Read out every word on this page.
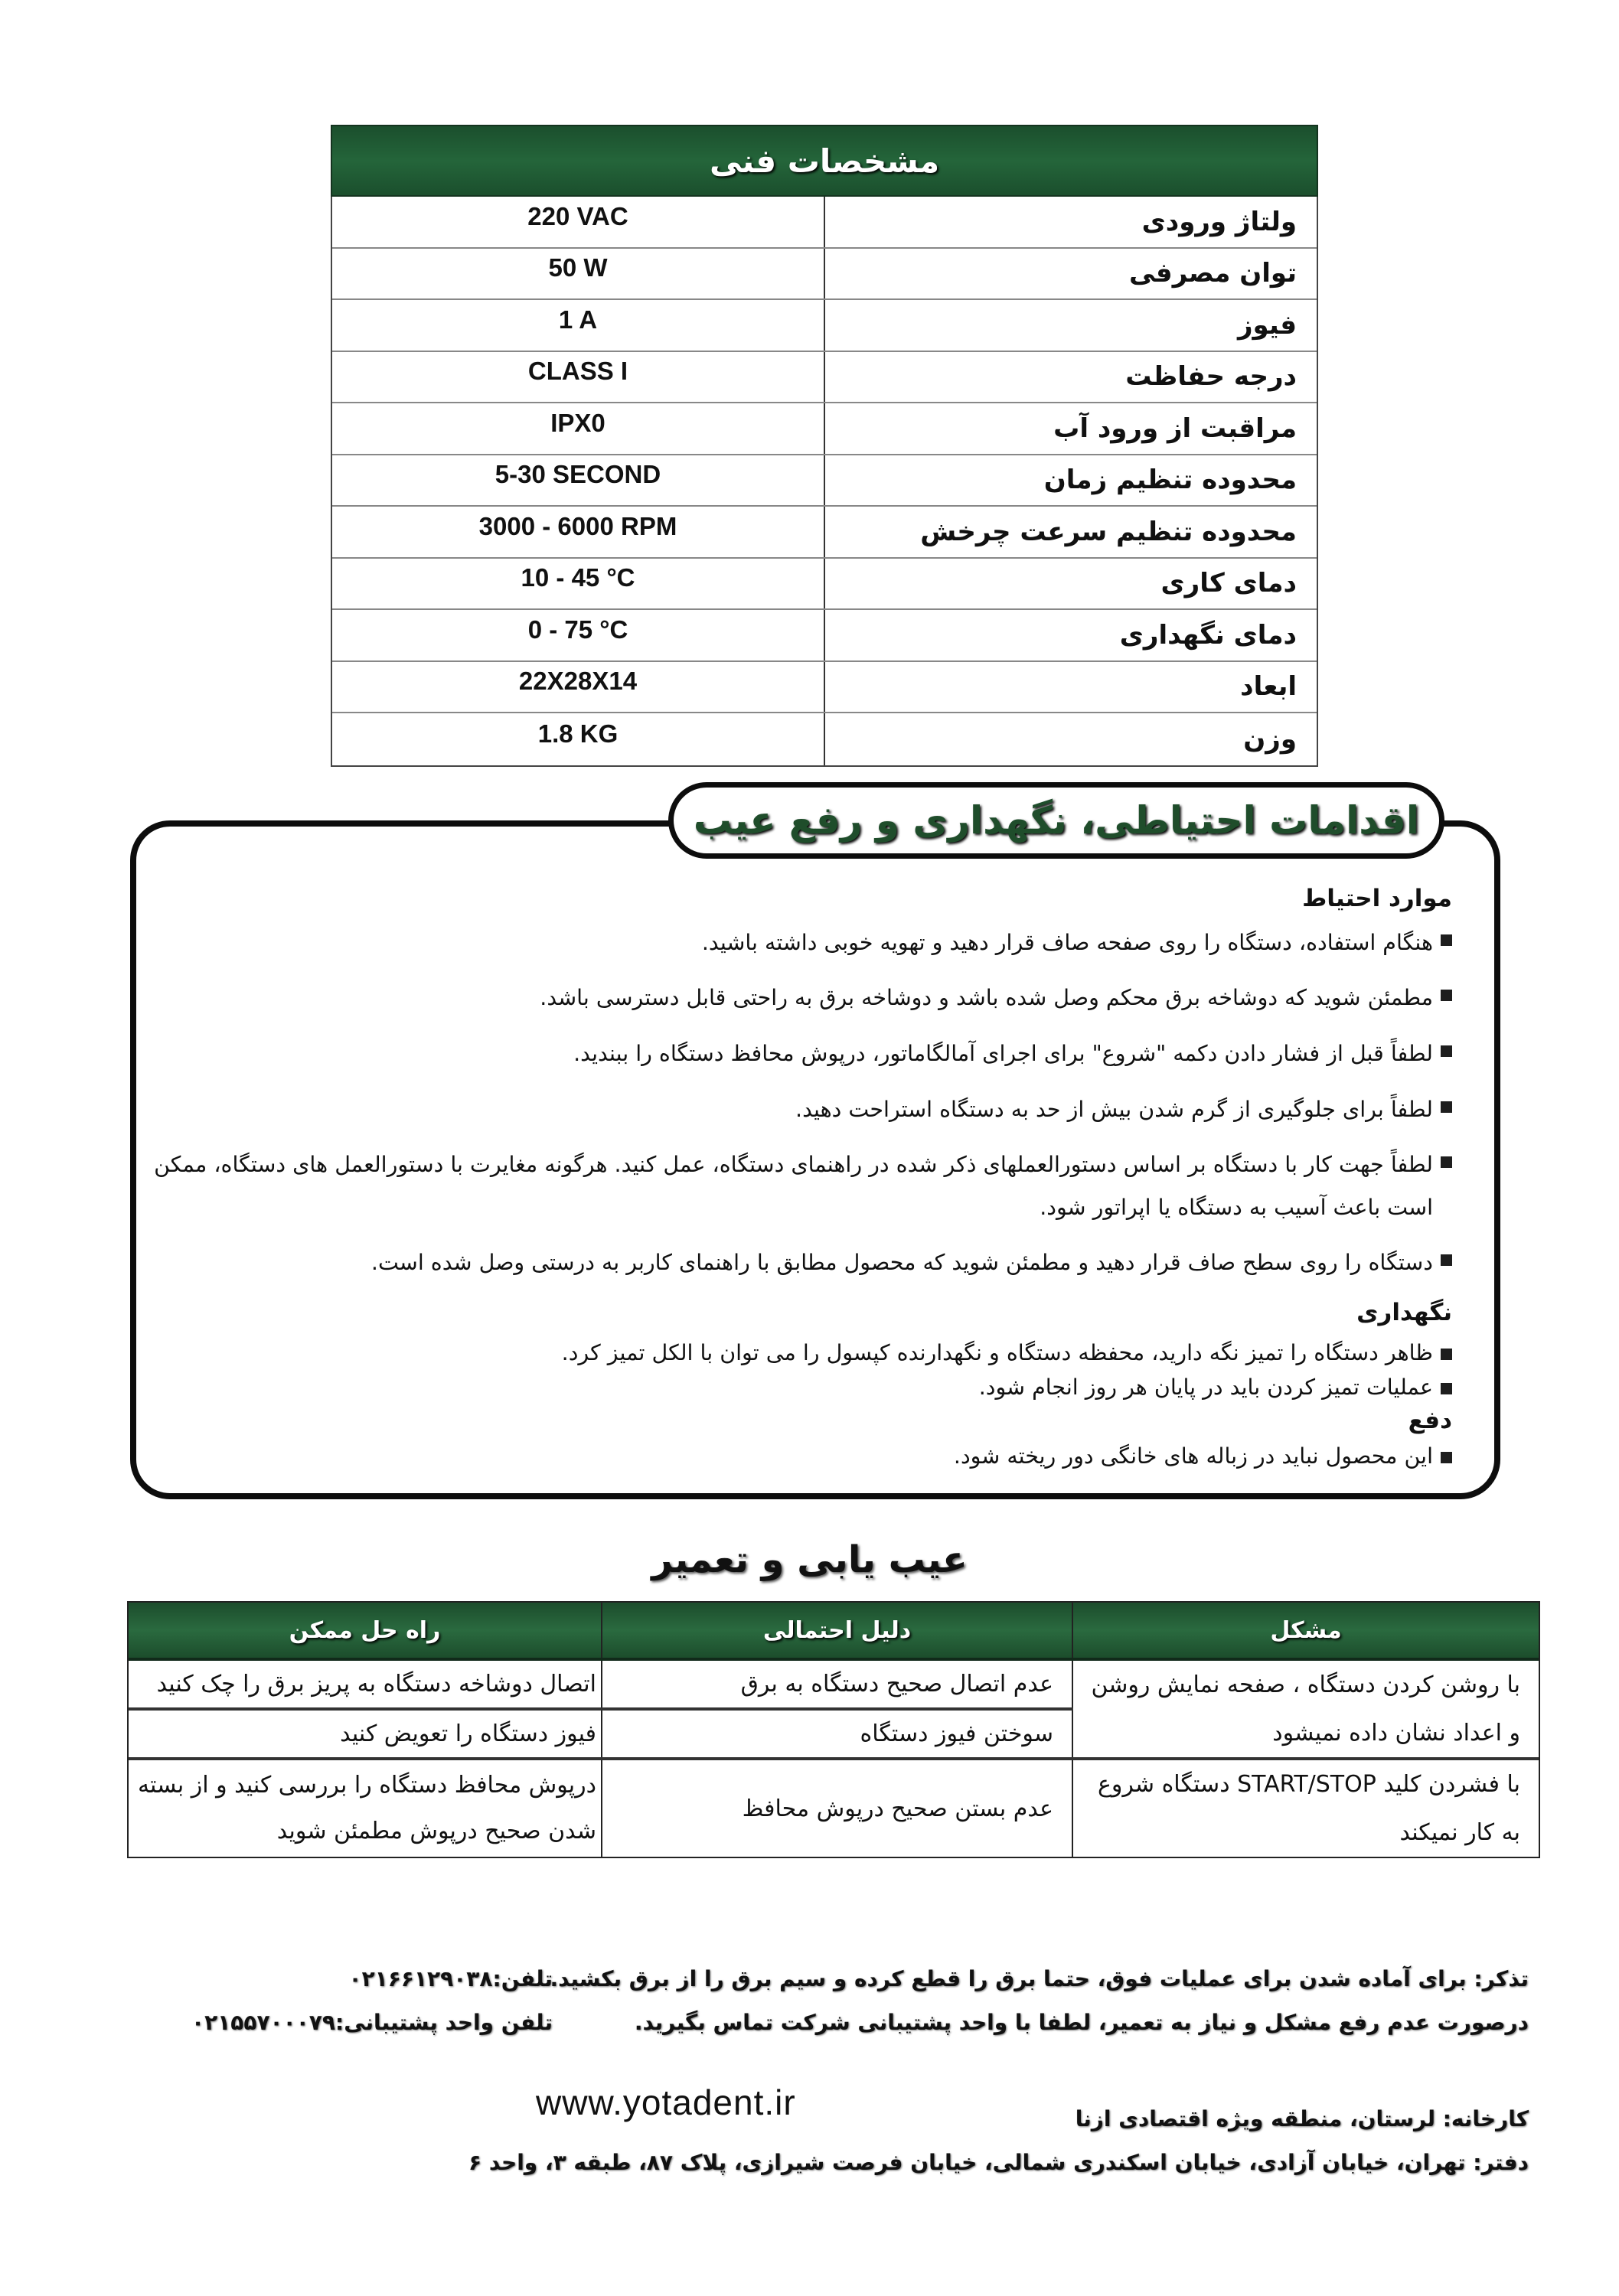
مشخصات فنی
ولتاژ ورودی
220 VAC
توان مصرفی
50 W
فیوز
1 A
درجه حفاظت
CLASS I
مراقبت از ورود آب
IPX0
محدوده تنظیم زمان
5-30 SECOND
محدوده تنظیم سرعت چرخش
3000 - 6000 RPM
دمای کاری
10 - 45 °C
دمای نگهداری
0 - 75 °C
ابعاد
22X28X14
وزن
1.8 KG
اقدامات احتیاطی، نگهداری و رفع عیب
موارد احتیاط
هنگام استفاده، دستگاه را روی صفحه صاف قرار دهید و تهویه خوبی داشته باشید.
مطمئن شوید که دوشاخه برق محکم وصل شده باشد و دوشاخه برق به راحتی قابل دسترسی باشد.
لطفاً قبل از فشار دادن دکمه "شروع" برای اجرای آمالگاماتور، درپوش محافظ دستگاه را ببندید.
لطفاً برای جلوگیری از گرم شدن بیش از حد به دستگاه استراحت دهید.
لطفاً جهت کار با دستگاه بر اساس دستورالعملهای ذکر شده در راهنمای دستگاه، عمل کنید. هرگونه مغایرت با دستورالعمل های دستگاه، ممکن است باعث آسیب به دستگاه یا اپراتور شود.
دستگاه را روی سطح صاف قرار دهید و مطمئن شوید که محصول مطابق با راهنمای کاربر به درستی وصل شده است.
نگهداری
ظاهر دستگاه را تمیز نگه دارید، محفظه دستگاه و نگهدارنده کپسول را می توان با الکل تمیز کرد.
عملیات تمیز کردن باید در پایان هر روز انجام شود.
دفع
این محصول نباید در زباله های خانگی دور ریخته شود.
عیب یابی و تعمیر
مشکل
دلیل احتمالی
راه حل ممکن
با روشن کردن دستگاه ، صفحه نمایش روشن و اعداد نشان داده نمیشود
عدم اتصال صحیح دستگاه به برق
اتصال دوشاخه دستگاه به پریز برق را چک کنید
سوختن فیوز دستگاه
فیوز دستگاه را تعویض کنید
با فشردن کلید START/STOP دستگاه شروع به کار نمیکند
عدم بستن صحیح درپوش محافظ
درپوش محافظ دستگاه را بررسی کنید و از بسته شدن صحیح درپوش مطمئن شوید
تذکر: برای آماده شدن برای عملیات فوق، حتما برق را قطع کرده و سیم برق را از برق بکشید.
درصورت عدم رفع مشکل و نیاز به تعمیر، لطفا با واحد پشتیبانی شرکت تماس بگیرید.
تلفن:۰۲۱۶۶۱۲۹۰۳۸
تلفن واحد پشتیبانی:۰۲۱۵۵۷۰۰۰۷۹
www.yotadent.ir	کارخانه: لرستان، منطقه ویژه اقتصادی ازنا
دفتر: تهران، خیابان آزادی، خیابان اسکندری شمالی، خیابان فرصت شیرازی، پلاک ۸۷، طبقه ۳، واحد ۶
